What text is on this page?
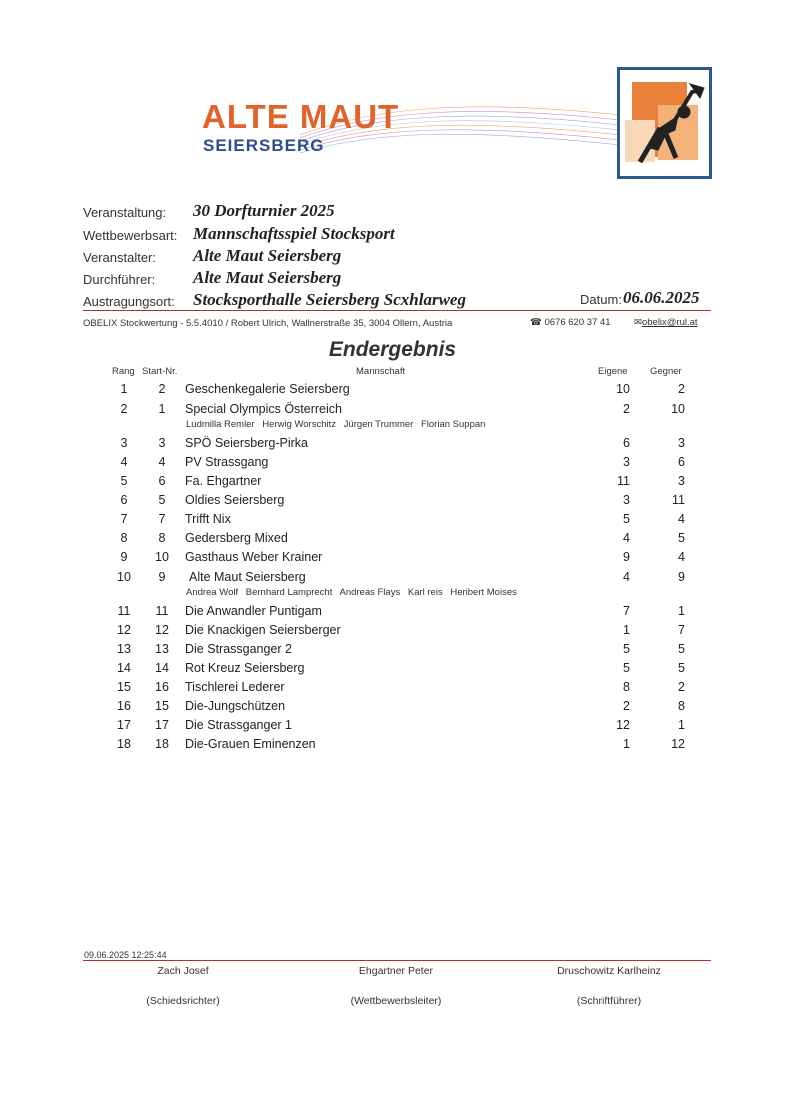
ALTE MAUT
SEIERSBERG
Veranstaltung: 30 Dorfturnier 2025
Wettbewerbsart: Mannschaftsspiel Stocksport
Veranstalter: Alte Maut Seiersberg
Durchführer: Alte Maut Seiersberg
Austragungsort: Stocksporthalle Seiersberg Scxhlarweg	Datum: 06.06.2025
OBELIX Stockwertung - 5.5.4010 / Robert Ulrich, Wallnerstraße 35, 3004 Ollern, Austria	☎ 0676 620 37 41 ✉obelix@rul.at
Endergebnis
Rang Start-Nr.	Mannschaft	Eigene Gegner
1	2	Geschenkegalerie Seiersberg	10	2
2	1	Special Olympics Österreich	2	10
Ludmilla Remler Herwig Worschitz Jürgen Trummer Florian Suppan
3	3	SPÖ Seiersberg-Pirka	6	3
4	4	PV Strassgang	3	6
5	6	Fa. Ehgartner	11	3
6	5	Oldies Seiersberg	3	11
7	7	Trifft Nix	5	4
8	8	Gedersberg Mixed	4	5
9	10	Gasthaus Weber Krainer	9	4
10	9	Alte Maut Seiersberg	4	9
Andrea Wolf Bernhard Lamprecht Andreas Flays Karl reis Heribert Moises
11	11	Die Anwandler Puntigam	7	1
12	12	Die Knackigen Seiersberger	1	7
13	13	Die Strassganger 2	5	5
14	14	Rot Kreuz Seiersberg	5	5
15	16	Tischlerei Lederer	8	2
16	15	Die-Jungschützen	2	8
17	17	Die Strassganger 1	12	1
18	18	Die-Grauen Eminenzen	1	12
09.06.2025 12:25:44
Zach Josef
(Schiedsrichter)
Ehgartner Peter
(Wettbewerbsleiter)
Druschowitz Karlheinz
(Schriftführer)
